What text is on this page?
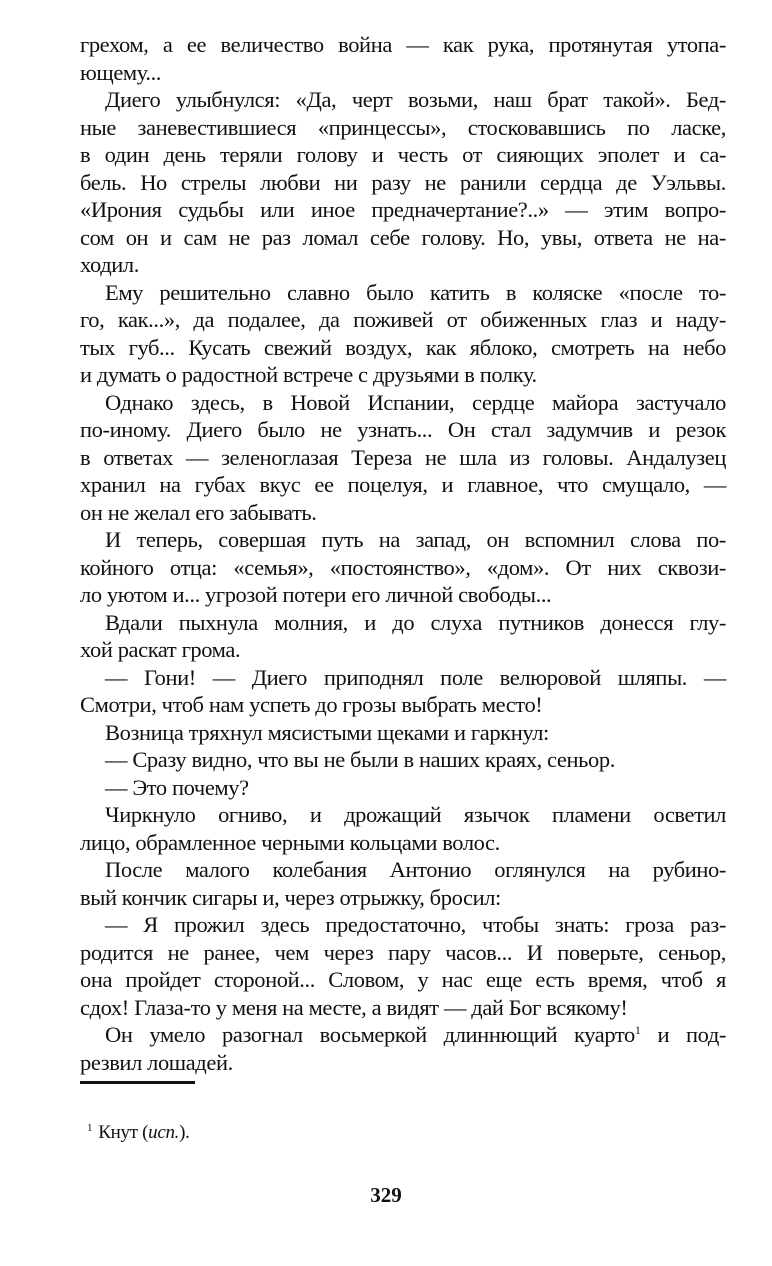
грехом, а ее величество война — как рука, протянутая утопа-
ющему...
Диего улыбнулся: «Да, черт возьми, наш брат такой». Бед-
ные заневестившиеся «принцессы», стосковавшись по ласке,
в один день теряли голову и честь от сияющих эполет и са-
бель. Но стрелы любви ни разу не ранили сердца де Уэльвы.
«Ирония судьбы или иное предначертание?..» — этим вопро-
сом он и сам не раз ломал себе голову. Но, увы, ответа не на-
ходил.
Ему решительно славно было катить в коляске «после то-
го, как...», да подалее, да поживей от обиженных глаз и наду-
тых губ... Кусать свежий воздух, как яблоко, смотреть на небо
и думать о радостной встрече с друзьями в полку.
Однако здесь, в Новой Испании, сердце майора застучало
по-иному. Диего было не узнать... Он стал задумчив и резок
в ответах — зеленоглазая Тереза не шла из головы. Андалузец
хранил на губах вкус ее поцелуя, и главное, что смущало, —
он не желал его забывать.
И теперь, совершая путь на запад, он вспомнил слова по-
койного отца: «семья», «постоянство», «дом». От них сквози-
ло уютом и... угрозой потери его личной свободы...
Вдали пыхнула молния, и до слуха путников донесся глу-
хой раскат грома.
— Гони! — Диего приподнял поле велюровой шляпы. —
Смотри, чтоб нам успеть до грозы выбрать место!
Возница тряхнул мясистыми щеками и гаркнул:
— Сразу видно, что вы не были в наших краях, сеньор.
— Это почему?
Чиркнуло огниво, и дрожащий язычок пламени осветил
лицо, обрамленное черными кольцами волос.
После малого колебания Антонио оглянулся на рубино-
вый кончик сигары и, через отрыжку, бросил:
— Я прожил здесь предостаточно, чтобы знать: гроза раз-
родится не ранее, чем через пару часов... И поверьте, сеньор,
она пройдет стороной... Словом, у нас еще есть время, чтоб я
сдох! Глаза-то у меня на месте, а видят — дай Бог всякому!
Он умело разогнал восьмеркой длиннющий куарто$^1$ и под-
резвил лошадей.
$^1$ Кнут (исп.).
329
